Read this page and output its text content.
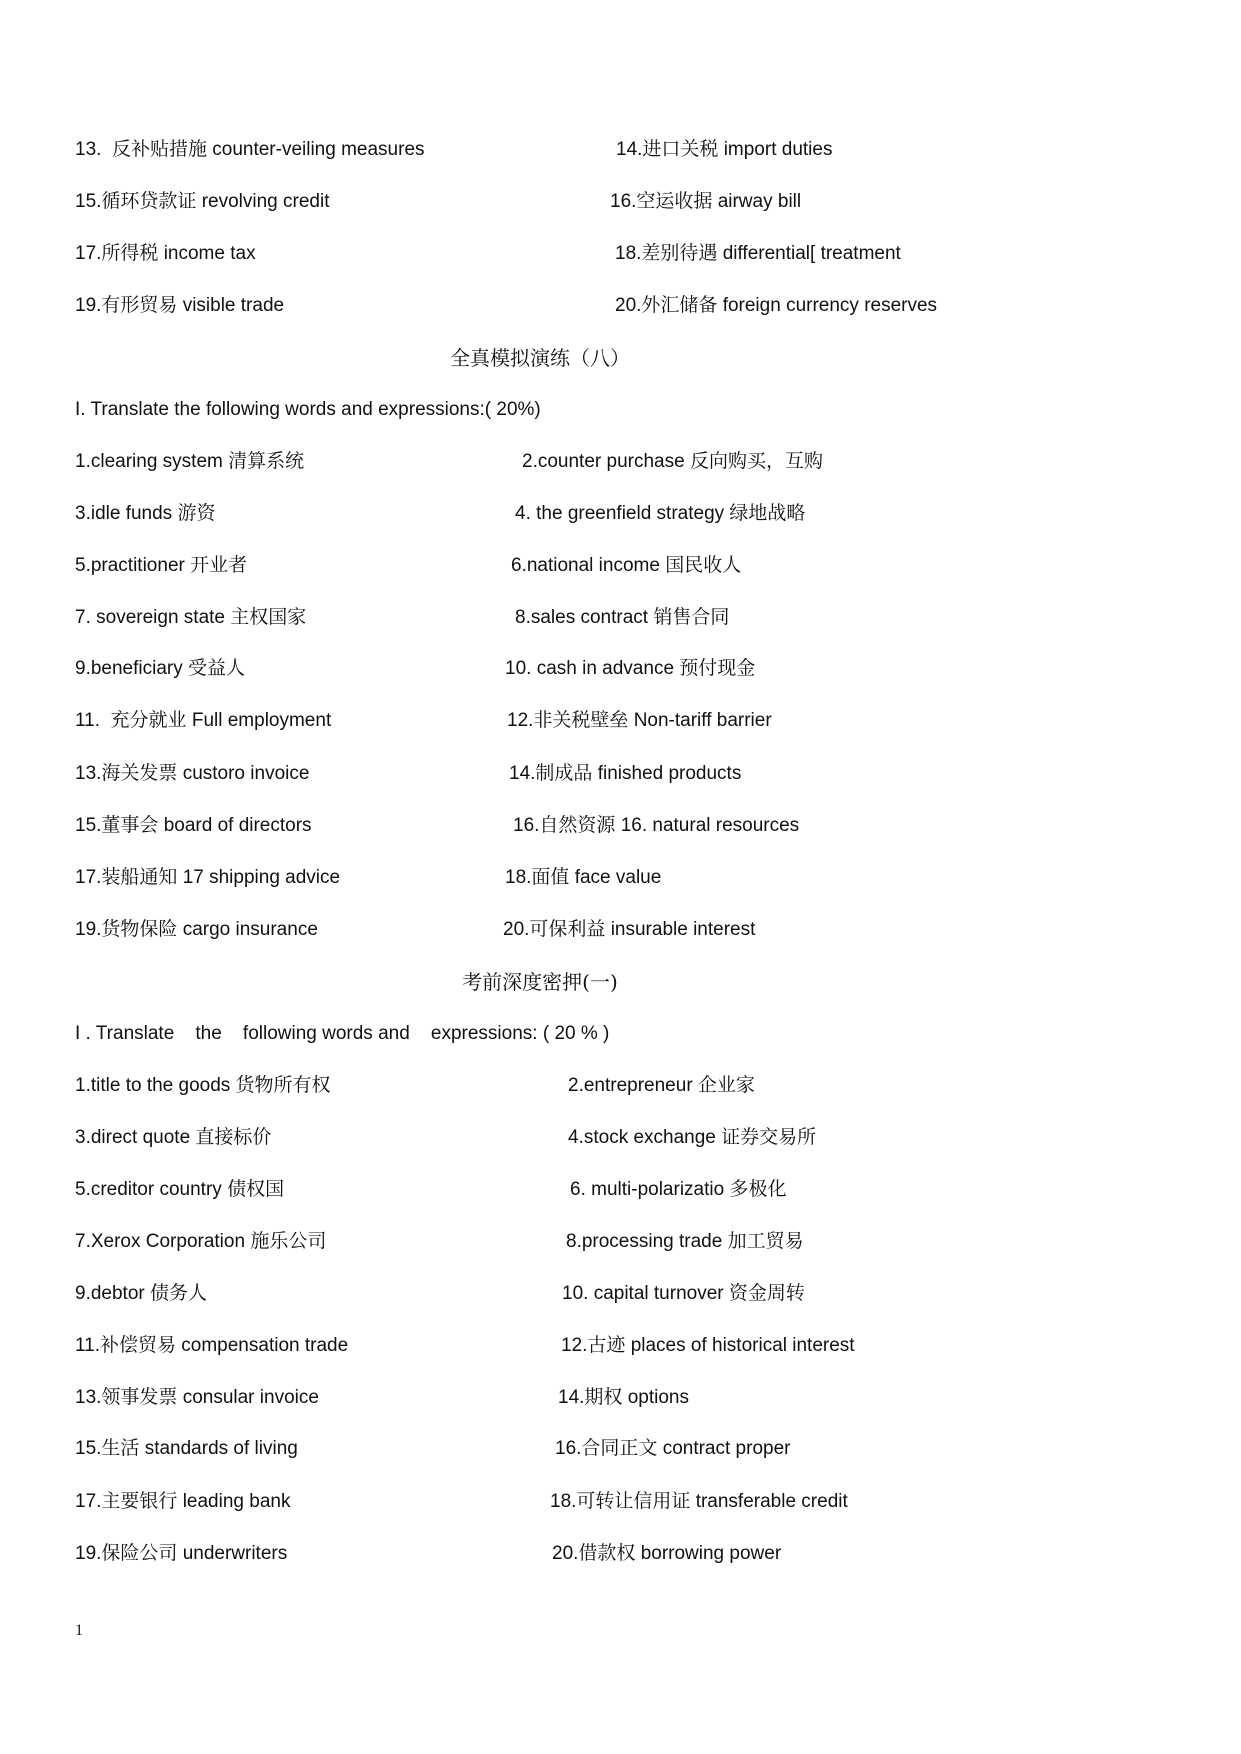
13.  反补贴措施 counter-veiling measures	14.进口关税 import duties
15.循环贷款证 revolving credit	16.空运收据 airway bill
17.所得税 income tax	18.差别待遇 differential[ treatment
19.有形贸易 visible trade	20.外汇储备 foreign currency reserves
全真模拟演练（八）
I. Translate the following words and expressions:( 20%)
1.clearing system 清算系统	2.counter purchase 反向购买，互购
3.idle funds 游资	4. the greenfield strategy 绿地战略
5.practitioner 开业者	6.national income 国民收人
7. sovereign state 主权国家	8.sales contract 销售合同
9.beneficiary 受益人	10. cash in advance 预付现金
11.  充分就业 Full employment	12.非关税壁垒 Non-tariff barrier
13.海关发票 custoro invoice	14.制成品 finished products
15.董事会 board of directors	16.自然资源 16. natural resources
17.装船通知 17 shipping advice	18.面值 face value
19.货物保险 cargo insurance	20.可保利益 insurable interest
考前深度密押(一)
I . Translate    the    following words and    expressions: ( 20 % )
1.title to the goods 货物所有权	2.entrepreneur 企业家
3.direct quote 直接标价	4.stock exchange 证券交易所
5.creditor country 债权国	6. multi-polarizatio 多极化
7.Xerox Corporation 施乐公司	8.processing trade 加工贸易
9.debtor 债务人	10. capital turnover 资金周转
11.补偿贸易 compensation trade	12.古迹 places of historical interest
13.领事发票 consular invoice	14.期权 options
15.生活 standards of living	16.合同正文 contract proper
17.主要银行 leading bank	18.可转让信用证 transferable credit
19.保险公司 underwriters	20.借款权 borrowing power
1
